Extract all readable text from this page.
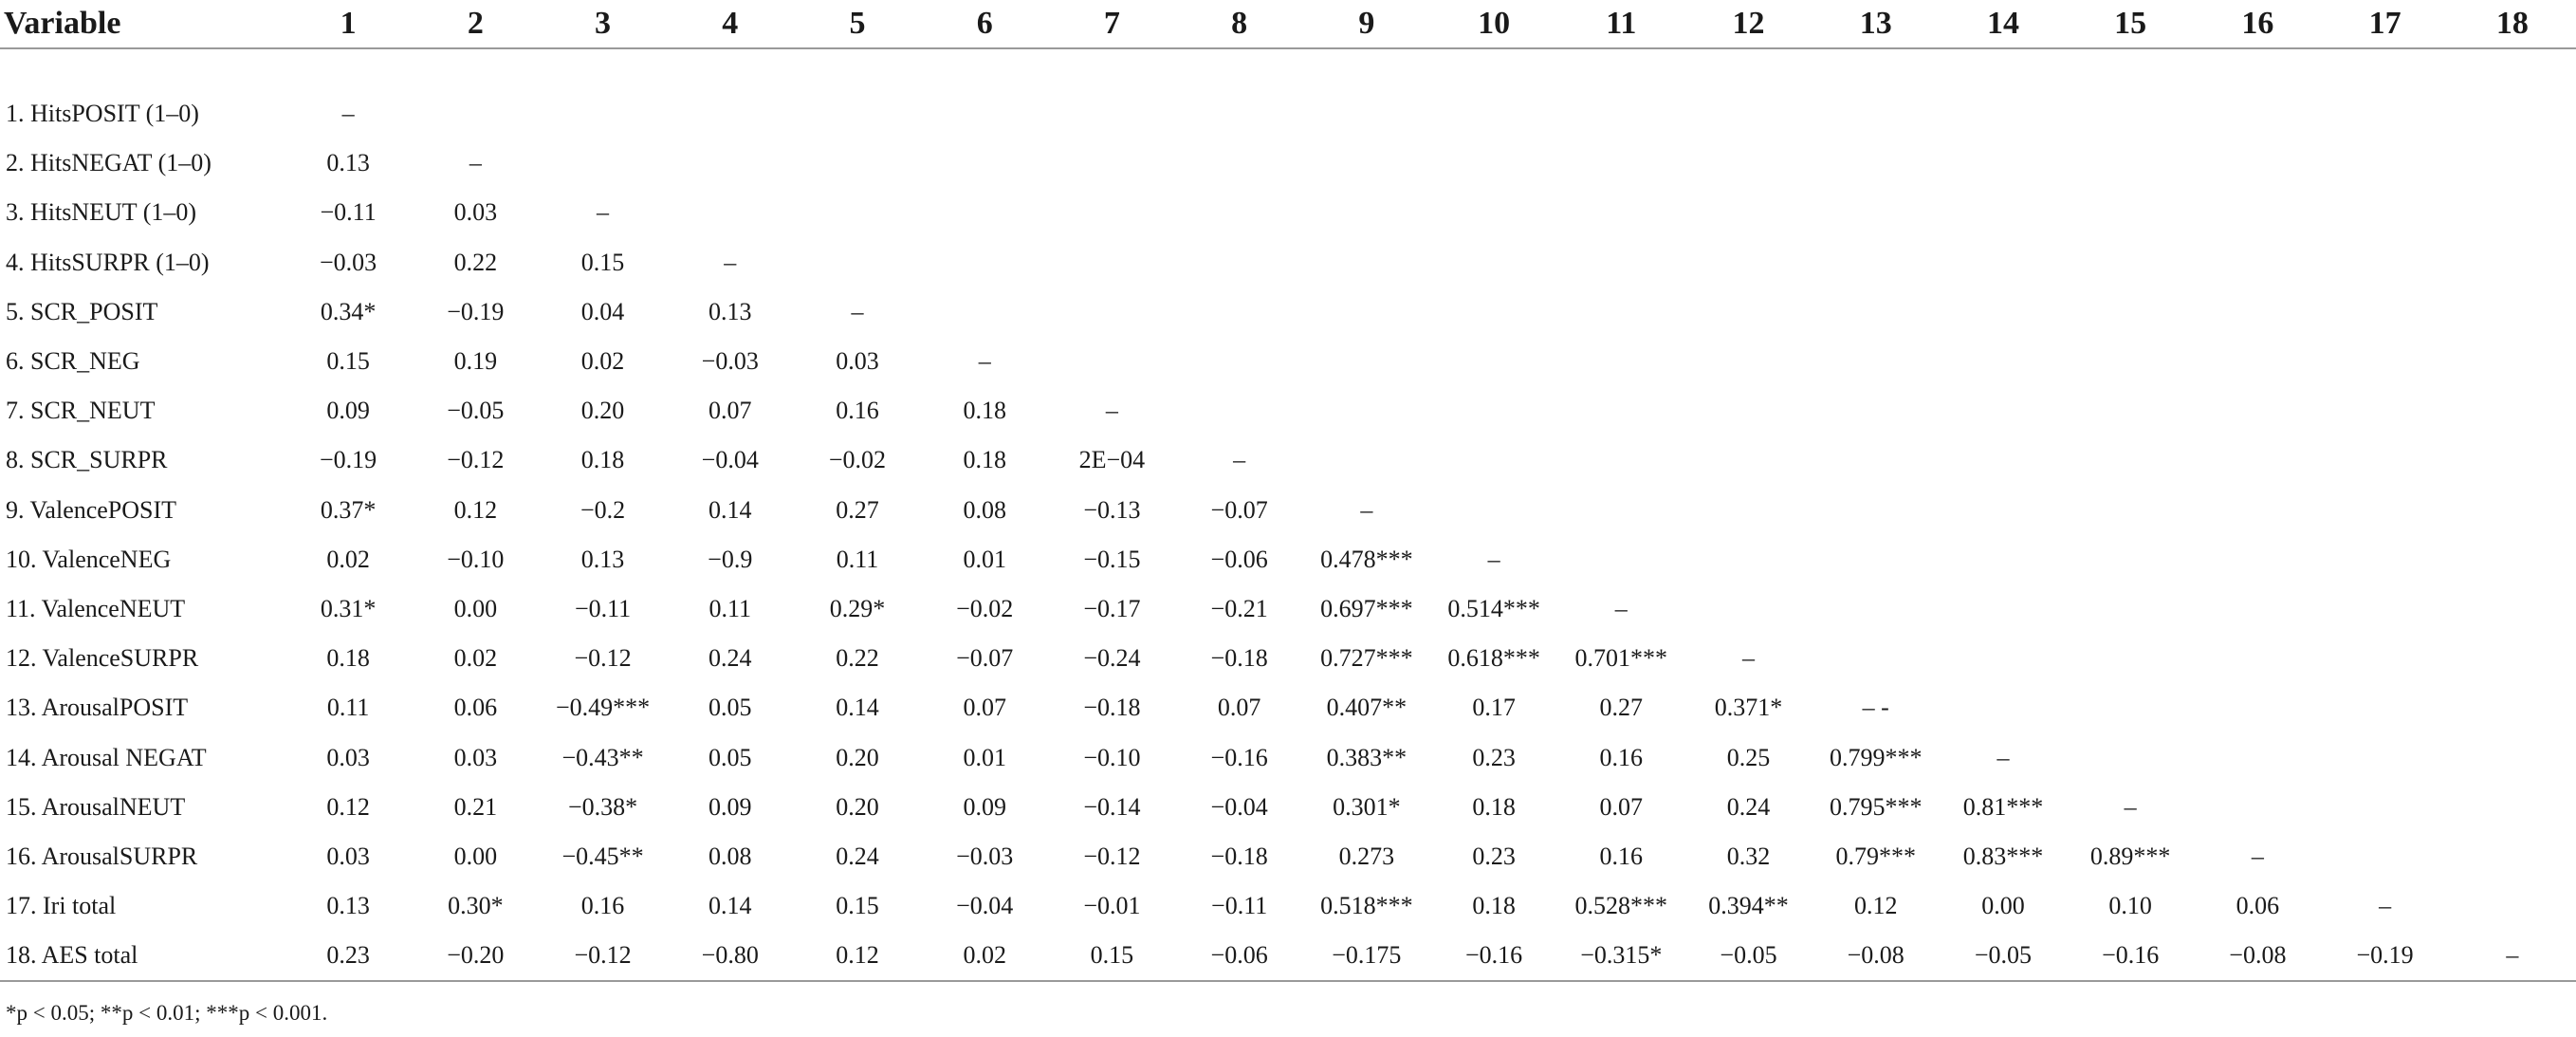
Variable	1	2	3	4	5	6	7	8	9	10	11	12	13	14	15	16	17	18

1. HitsPOSIT (1–0)	–																	
2. HitsNEGAT (1–0)	0.13	–																
3. HitsNEUT (1–0)	−0.11	0.03	–															
4. HitsSURPR (1–0)	−0.03	0.22	0.15	–														
5. SCR_POSIT	0.34*	−0.19	0.04	0.13	–													
6. SCR_NEG	0.15	0.19	0.02	−0.03	0.03	–												
7. SCR_NEUT	0.09	−0.05	0.20	0.07	0.16	0.18	–											
8. SCR_SURPR	−0.19	−0.12	0.18	−0.04	−0.02	0.18	2E−04	–										
9. ValencePOSIT	0.37*	0.12	−0.2	0.14	0.27	0.08	−0.13	−0.07	–									
10. ValenceNEG	0.02	−0.10	0.13	−0.9	0.11	0.01	−0.15	−0.06	0.478***	–								
11. ValenceNEUT	0.31*	0.00	−0.11	0.11	0.29*	−0.02	−0.17	−0.21	0.697***	0.514***	–							
12. ValenceSURPR	0.18	0.02	−0.12	0.24	0.22	−0.07	−0.24	−0.18	0.727***	0.618***	0.701***	–						
13. ArousalPOSIT	0.11	0.06	−0.49***	0.05	0.14	0.07	−0.18	0.07	0.407**	0.17	0.27	0.371*	– -					
14. Arousal NEGAT	0.03	0.03	−0.43**	0.05	0.20	0.01	−0.10	−0.16	0.383**	0.23	0.16	0.25	0.799***	–				
15. ArousalNEUT	0.12	0.21	−0.38*	0.09	0.20	0.09	−0.14	−0.04	0.301*	0.18	0.07	0.24	0.795***	0.81***	–			
16. ArousalSURPR	0.03	0.00	−0.45**	0.08	0.24	−0.03	−0.12	−0.18	0.273	0.23	0.16	0.32	0.79***	0.83***	0.89***	–		
17. Iri total	0.13	0.30*	0.16	0.14	0.15	−0.04	−0.01	−0.11	0.518***	0.18	0.528***	0.394**	0.12	0.00	0.10	0.06	–	
18. AES total	0.23	−0.20	−0.12	−0.80	0.12	0.02	0.15	−0.06	−0.175	−0.16	−0.315*	−0.05	−0.08	−0.05	−0.16	−0.08	−0.19	–
*p < 0.05; **p < 0.01; ***p < 0.001.
